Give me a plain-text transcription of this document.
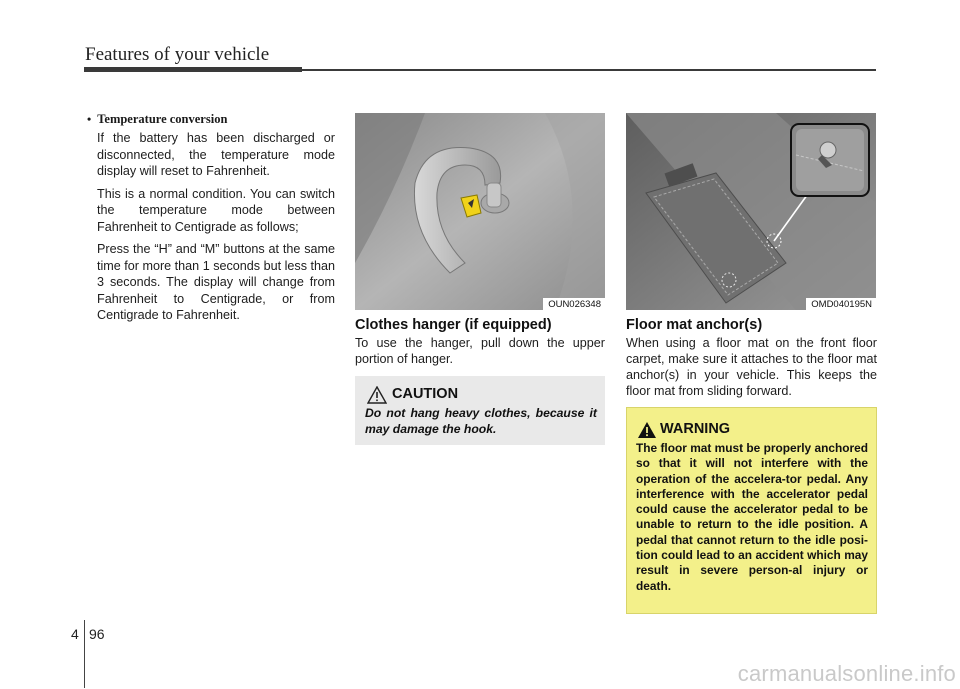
Features of your vehicle
• Temperature conversion

If the battery has been discharged or disconnected, the temperature mode display will reset to Fahrenheit.

This is a normal condition. You can switch the temperature mode between Fahrenheit to Centigrade as follows;

Press the “H” and “M” buttons at the same time for more than 1 seconds but less than 3 seconds. The display will change from Fahrenheit to Centigrade, or from Centigrade to Fahrenheit.

OUN026348	OMD040195N
Clothes hanger (if equipped)
To use the hanger, pull down the upper portion of hanger.
CAUTION
Do not hang heavy clothes, because it may damage the hook.
Floor mat anchor(s)
When using a floor mat on the front floor carpet, make sure it attaches to the floor mat anchor(s) in your vehicle. This keeps the floor mat from sliding forward.
WARNING
The floor mat must be properly anchored so that it will not interfere with the operation of the accelera-tor pedal. Any interference with the accelerator pedal could cause the accelerator pedal to be unable to return to the idle position. A pedal that cannot return to the idle posi-tion could lead to an accident which may result in severe person-al injury or death.
4 96
carmanualsonline.info
